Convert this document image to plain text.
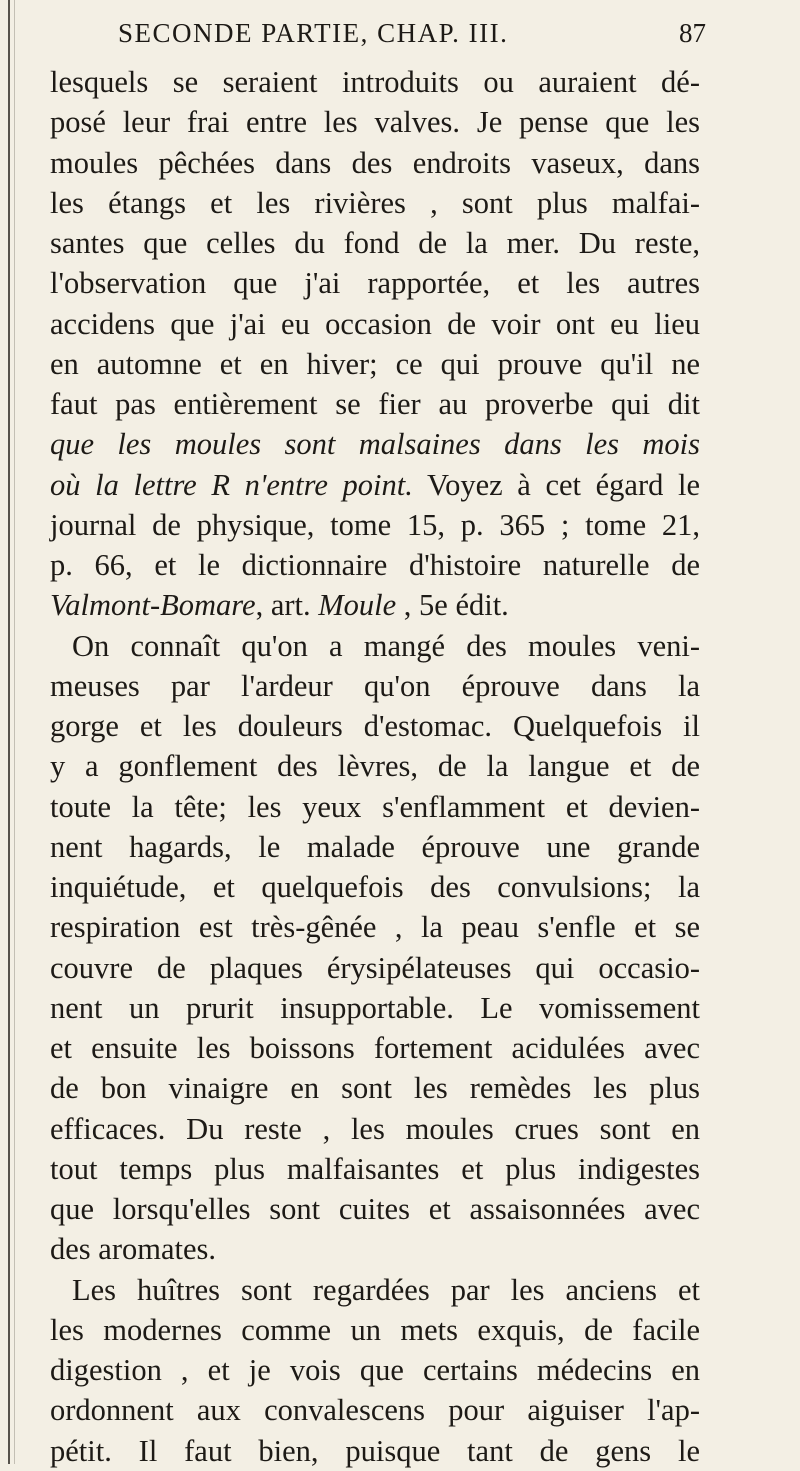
SECONDE PARTIE, CHAP. III.	87
lesquels se seraient introduits ou auraient dé-
posé leur frai entre les valves. Je pense que les
moules pêchées dans des endroits vaseux, dans
les étangs et les rivières , sont plus malfai-
santes que celles du fond de la mer. Du reste,
l'observation que j'ai rapportée, et les autres
accidens que j'ai eu occasion de voir ont eu lieu
en automne et en hiver; ce qui prouve qu'il ne
faut pas entièrement se fier au proverbe qui dit
que les moules sont malsaines dans les mois
où la lettre R n'entre point. Voyez à cet égard le
journal de physique, tome 15, p. 365 ; tome 21,
p. 66, et le dictionnaire d'histoire naturelle de
Valmont-Bomare, art. Moule , 5e édit.
On connaît qu'on a mangé des moules veni-
meuses par l'ardeur qu'on éprouve dans la
gorge et les douleurs d'estomac. Quelquefois il
y a gonflement des lèvres, de la langue et de
toute la tête; les yeux s'enflamment et devien-
nent hagards, le malade éprouve une grande
inquiétude, et quelquefois des convulsions; la
respiration est très-gênée , la peau s'enfle et se
couvre de plaques érysipélateuses qui occasio-
nent un prurit insupportable. Le vomissement
et ensuite les boissons fortement acidulées avec
de bon vinaigre en sont les remèdes les plus
efficaces. Du reste , les moules crues sont en
tout temps plus malfaisantes et plus indigestes
que lorsqu'elles sont cuites et assaisonnées avec
des aromates.
Les huîtres sont regardées par les anciens et
les modernes comme un mets exquis, de facile
digestion , et je vois que certains médecins en
ordonnent aux convalescens pour aiguiser l'ap-
pétit. Il faut bien, puisque tant de gens le
